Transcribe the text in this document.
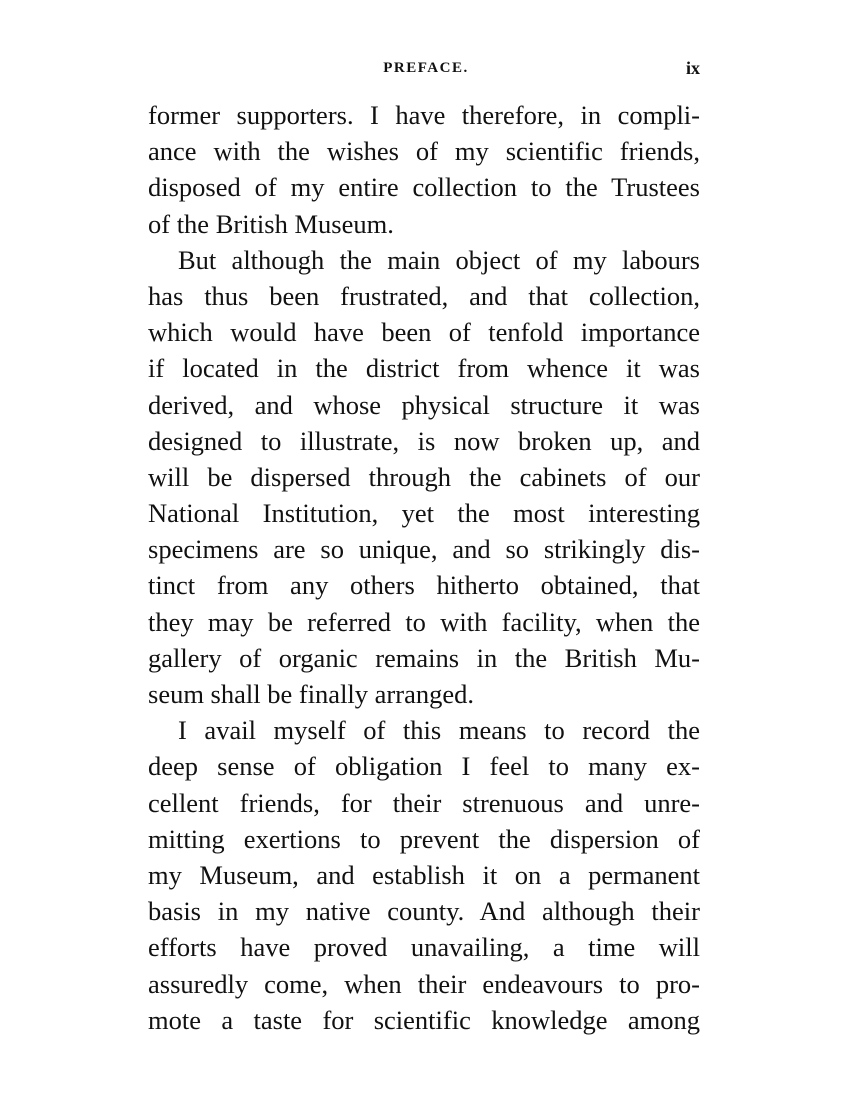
PREFACE.	ix
former supporters. I have therefore, in compli-
ance with the wishes of my scientific friends,
disposed of my entire collection to the Trustees
of the British Museum.
But although the main object of my labours
has thus been frustrated, and that collection,
which would have been of tenfold importance
if located in the district from whence it was
derived, and whose physical structure it was
designed to illustrate, is now broken up, and
will be dispersed through the cabinets of our
National Institution, yet the most interesting
specimens are so unique, and so strikingly dis-
tinct from any others hitherto obtained, that
they may be referred to with facility, when the
gallery of organic remains in the British Mu-
seum shall be finally arranged.
I avail myself of this means to record the
deep sense of obligation I feel to many ex-
cellent friends, for their strenuous and unre-
mitting exertions to prevent the dispersion of
my Museum, and establish it on a permanent
basis in my native county. And although their
efforts have proved unavailing, a time will
assuredly come, when their endeavours to pro-
mote a taste for scientific knowledge among
